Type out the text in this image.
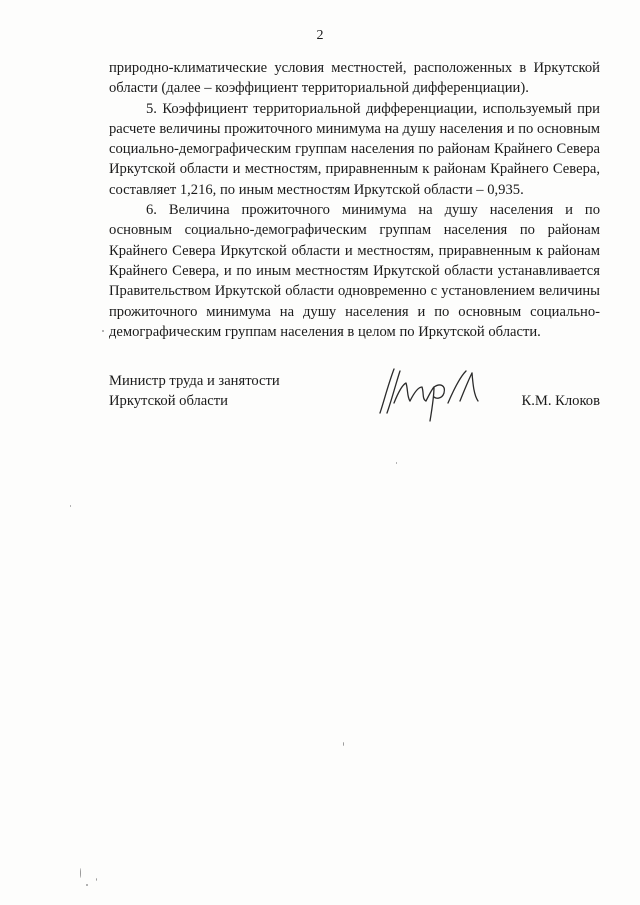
2

природно-климатические условия местностей, расположенных в Иркутской области (далее – коэффициент территориальной дифференциации).

5. Коэффициент территориальной дифференциации, используемый при расчете величины прожиточного минимума на душу населения и по основным социально-демографическим группам населения по районам Крайнего Севера Иркутской области и местностям, приравненным к районам Крайнего Севера, составляет 1,216, по иным местностям Иркутской области – 0,935.

6. Величина прожиточного минимума на душу населения и по основным социально-демографическим группам населения по районам Крайнего Севера Иркутской области и местностям, приравненным к районам Крайнего Севера, и по иным местностям Иркутской области устанавливается Правительством Иркутской области одновременно с установлением величины прожиточного минимума на душу населения и по основным социально-демографическим группам населения в целом по Иркутской области.

Министр труда и занятости
Иркутской области	К.М. Клоков
